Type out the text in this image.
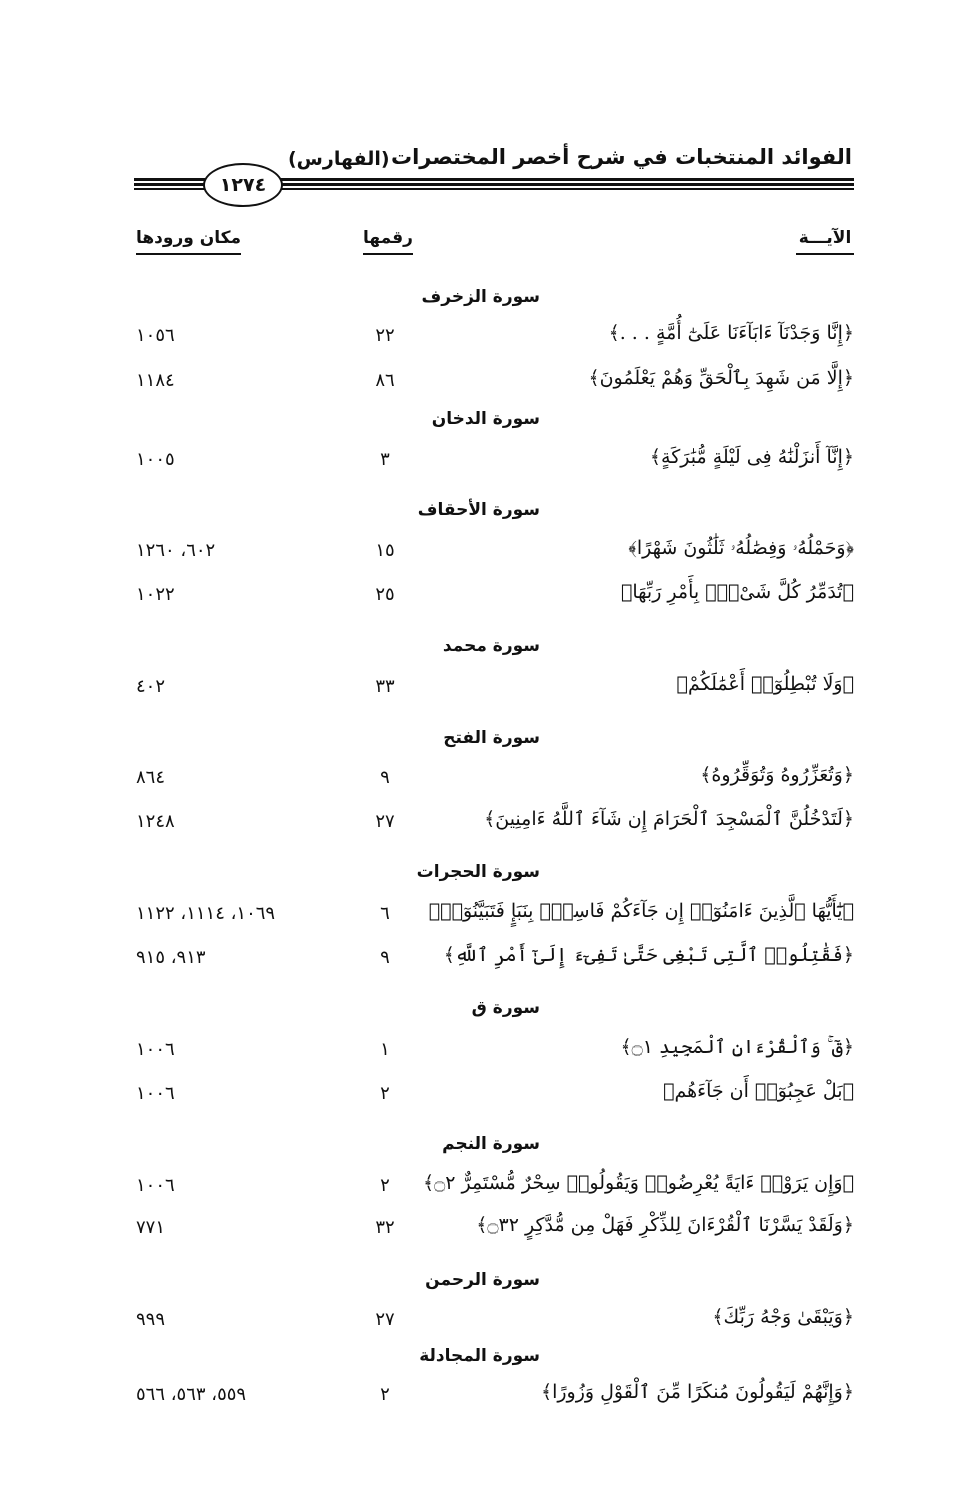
الفوائد المنتخبات في شرح أخصر المختصرات
(الفهارس)
١٢٧٤
الآيـــة
رقمها
مكان ورودها
سورة الزخرف
﴿إِنَّا وَجَدْنَآ ءَابَآءَنَا عَلَىٰٓ أُمَّةٍ . . .﴾
٢٢
١٠٥٦
﴿إِلَّا مَن شَهِدَ بِٱلْحَقِّ وَهُمْ يَعْلَمُونَ﴾
٨٦
١١٨٤
سورة الدخان
﴿إِنَّآ أَنزَلْنَٰهُ فِى لَيْلَةٍ مُّبَٰرَكَةٍ﴾
٣
١٠٠٥
سورة الأحقاف
﴿وَحَمْلُهُۥ وَفِصَٰلُهُۥ ثَلَٰثُونَ شَهْرًا﴾
١٥
٦٠٢، ١٢٦٠
﴿تُدَمِّرُ كُلَّ شَىْءٍۭ بِأَمْرِ رَبِّهَا﴾
٢٥
١٠٢٢
سورة محمد
﴿وَلَا تُبْطِلُوٓا۟ أَعْمَٰلَكُمْ﴾
٣٣
٤٠٢
سورة الفتح
﴿وَتُعَزِّرُوهُ وَتُوَقِّرُوهُ﴾
٩
٨٦٤
﴿لَتَدْخُلُنَّ ٱلْمَسْجِدَ ٱلْحَرَامَ إِن شَآءَ ٱللَّهُ ءَامِنِينَ﴾
٢٧
١٢٤٨
سورة الحجرات
﴿يَٰٓأَيُّهَا ٱلَّذِينَ ءَامَنُوٓا۟ إِن جَآءَكُمْ فَاسِقٌۢ بِنَبَإٍ فَتَبَيَّنُوٓا۟﴾
٦
١٠٦٩، ١١١٤، ١١٢٢
﴿فَقَٰتِلُوا۟ ٱلَّتِى تَبْغِى حَتَّىٰ تَفِىٓءَ إِلَىٰٓ أَمْرِ ٱللَّهِ﴾
٩
٩١٣، ٩١٥
سورة ق
﴿قٓ ۚ وَٱلْقُرْءَانِ ٱلْمَجِيدِ ۝١﴾
١
١٠٠٦
﴿بَلْ عَجِبُوٓا۟ أَن جَآءَهُم﴾
٢
١٠٠٦
سورة النجم
﴿وَإِن يَرَوْا۟ ءَايَةً يُعْرِضُوا۟ وَيَقُولُوا۟ سِحْرٌ مُّسْتَمِرٌّ ۝٢﴾
٢
١٠٠٦
﴿وَلَقَدْ يَسَّرْنَا ٱلْقُرْءَانَ لِلذِّكْرِ فَهَلْ مِن مُّدَّكِرٍ ۝٣٢﴾
٣٢
٧٧١
سورة الرحمن
﴿وَيَبْقَىٰ وَجْهُ رَبِّكَ﴾
٢٧
٩٩٩
سورة المجادلة
﴿وَإِنَّهُمْ لَيَقُولُونَ مُنكَرًا مِّنَ ٱلْقَوْلِ وَزُورًا﴾
٢
٥٥٩، ٥٦٣، ٥٦٦
